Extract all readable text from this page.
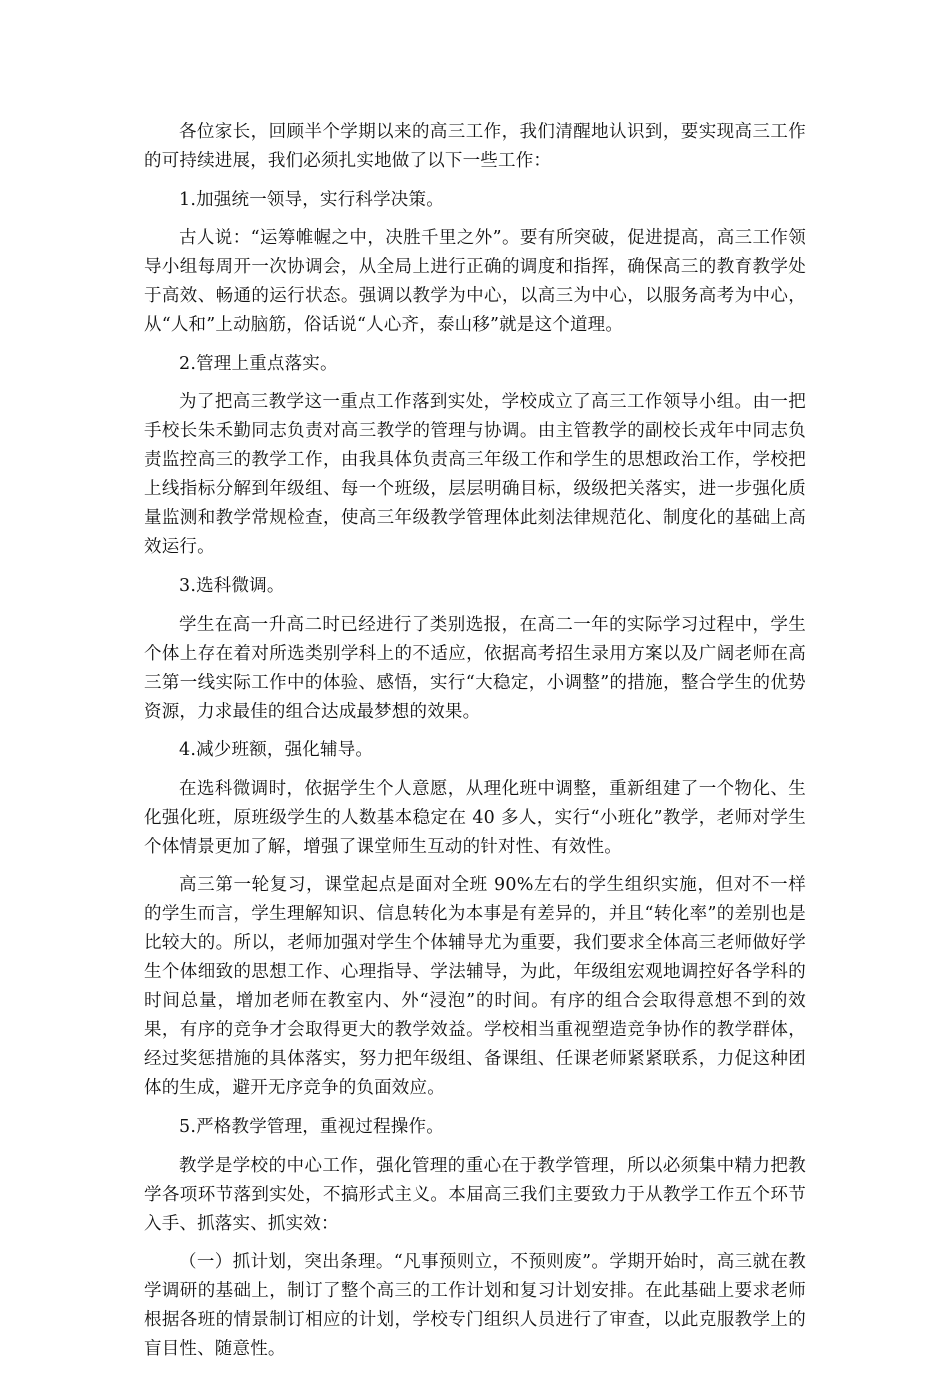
各位家长，回顾半个学期以来的高三工作，我们清醒地认识到，要实现高三工作的可持续进展，我们必须扎实地做了以下一些工作：

1.加强统一领导，实行科学决策。

古人说：“运筹帷幄之中，决胜千里之外”。要有所突破，促进提高，高三工作领导小组每周开一次协调会，从全局上进行正确的调度和指挥，确保高三的教育教学处于高效、畅通的运行状态。强调以教学为中心，以高三为中心，以服务高考为中心，从“人和”上动脑筋，俗话说“人心齐，泰山移”就是这个道理。

2.管理上重点落实。

为了把高三教学这一重点工作落到实处，学校成立了高三工作领导小组。由一把手校长朱禾勤同志负责对高三教学的管理与协调。由主管教学的副校长戎年中同志负责监控高三的教学工作，由我具体负责高三年级工作和学生的思想政治工作，学校把上线指标分解到年级组、每一个班级，层层明确目标，级级把关落实，进一步强化质量监测和教学常规检查，使高三年级教学管理体此刻法律规范化、制度化的基础上高效运行。

3.选科微调。

学生在高一升高二时已经进行了类别选报，在高二一年的实际学习过程中，学生个体上存在着对所选类别学科上的不适应，依据高考招生录用方案以及广阔老师在高三第一线实际工作中的体验、感悟，实行“大稳定，小调整”的措施，整合学生的优势资源，力求最佳的组合达成最梦想的效果。

4.减少班额，强化辅导。

在选科微调时，依据学生个人意愿，从理化班中调整，重新组建了一个物化、生化强化班，原班级学生的人数基本稳定在 40 多人，实行“小班化”教学，老师对学生个体情景更加了解，增强了课堂师生互动的针对性、有效性。

高三第一轮复习，课堂起点是面对全班 90%左右的学生组织实施，但对不一样的学生而言，学生理解知识、信息转化为本事是有差异的，并且“转化率”的差别也是比较大的。所以，老师加强对学生个体辅导尤为重要，我们要求全体高三老师做好学生个体细致的思想工作、心理指导、学法辅导，为此，年级组宏观地调控好各学科的时间总量，增加老师在教室内、外“浸泡”的时间。有序的组合会取得意想不到的效果，有序的竞争才会取得更大的教学效益。学校相当重视塑造竞争协作的教学群体，经过奖惩措施的具体落实，努力把年级组、备课组、任课老师紧紧联系，力促这种团体的生成，避开无序竞争的负面效应。

5.严格教学管理，重视过程操作。

教学是学校的中心工作，强化管理的重心在于教学管理，所以必须集中精力把教学各项环节落到实处，不搞形式主义。本届高三我们主要致力于从教学工作五个环节入手、抓落实、抓实效：

（一）抓计划，突出条理。“凡事预则立，不预则废”。学期开始时，高三就在教学调研的基础上，制订了整个高三的工作计划和复习计划安排。在此基础上要求老师根据各班的情景制订相应的计划，学校专门组织人员进行了审查，以此克服教学上的盲目性、随意性。
